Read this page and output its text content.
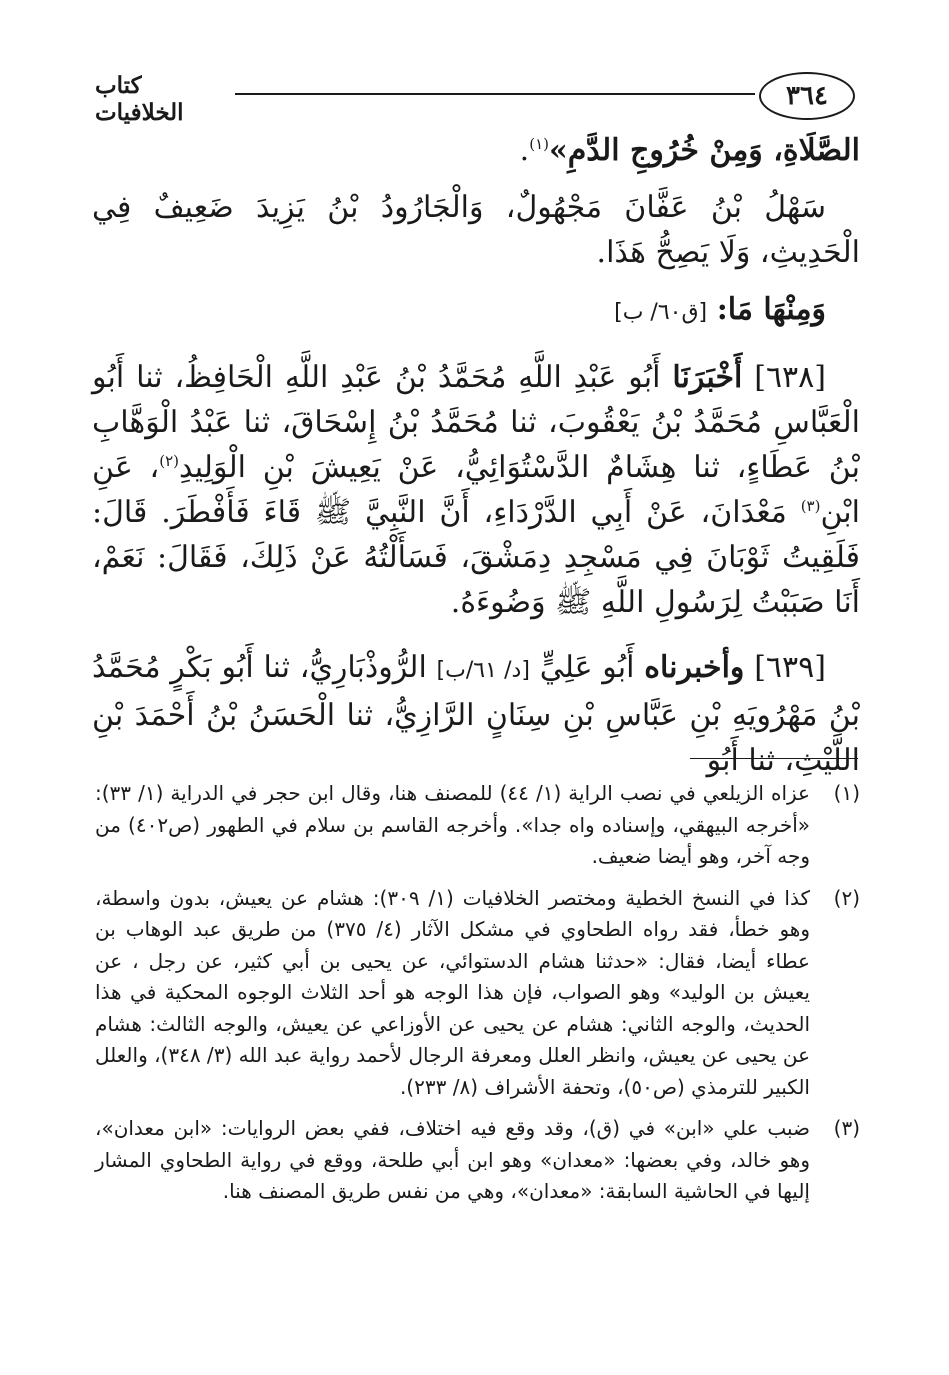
كتاب الخلافيات
٣٦٤

الصَّلَاةِ، وَمِنْ خُرُوجِ الدَّمِ»$^{(١)}$.

سَهْلُ بْنُ عَفَّانَ مَجْهُولٌ، وَالْجَارُودُ بْنُ يَزِيدَ ضَعِيفٌ فِي الْحَدِيثِ، وَلَا يَصِحُّ هَذَا.

وَمِنْهَا مَا: [ق٦٠/ ب]

[٦٣٨] أَخْبَرَنَا أَبُو عَبْدِ اللَّهِ مُحَمَّدُ بْنُ عَبْدِ اللَّهِ الْحَافِظُ، ثنا أَبُو الْعَبَّاسِ مُحَمَّدُ بْنُ يَعْقُوبَ، ثنا مُحَمَّدُ بْنُ إِسْحَاقَ، ثنا عَبْدُ الْوَهَّابِ بْنُ عَطَاءٍ، ثنا هِشَامٌ الدَّسْتُوَائِيُّ، عَنْ يَعِيشَ بْنِ الْوَلِيدِ$^{(٢)}$، عَنِ ابْنِ$^{(٣)}$ مَعْدَانَ، عَنْ أَبِي الدَّرْدَاءِ، أَنَّ النَّبِيَّ ﷺ قَاءَ فَأَفْطَرَ. قَالَ: فَلَقِيتُ ثَوْبَانَ فِي مَسْجِدِ دِمَشْقَ، فَسَأَلْتُهُ عَنْ ذَلِكَ، فَقَالَ: نَعَمْ، أَنَا صَبَبْتُ لِرَسُولِ اللَّهِ ﷺ وَضُوءَهُ.

[٦٣٩] وأخبرناه أَبُو عَلِيٍّ [د/ ٦١/ب] الرُّوذْبَارِيُّ، ثنا أَبُو بَكْرٍ مُحَمَّدُ بْنُ مَهْرُويَهِ بْنِ عَبَّاسِ بْنِ سِنَانٍ الرَّازِيُّ، ثنا الْحَسَنُ بْنُ أَحْمَدَ بْنِ اللَّيْثِ، ثنا أَبُو

(١)
عزاه الزيلعي في نصب الراية (١/ ٤٤) للمصنف هنا، وقال ابن حجر في الدراية (١/ ٣٣): «أخرجه البيهقي، وإسناده واه جدا». وأخرجه القاسم بن سلام في الطهور (ص٤٠٢) من وجه آخر، وهو أيضا ضعيف.
(٢)
كذا في النسخ الخطية ومختصر الخلافيات (١/ ٣٠٩): هشام عن يعيش، بدون واسطة، وهو خطأ، فقد رواه الطحاوي في مشكل الآثار (٤/ ٣٧٥) من طريق عبد الوهاب بن عطاء أيضا، فقال: «حدثنا هشام الدستوائي، عن يحيى بن أبي كثير، عن رجل ، عن يعيش بن الوليد» وهو الصواب، فإن هذا الوجه هو أحد الثلاث الوجوه المحكية في هذا الحديث، والوجه الثاني: هشام عن يحيى عن الأوزاعي عن يعيش، والوجه الثالث: هشام عن يحيى عن يعيش، وانظر العلل ومعرفة الرجال لأحمد رواية عبد الله (٣/ ٣٤٨)، والعلل الكبير للترمذي (ص٥٠)، وتحفة الأشراف (٨/ ٢٣٣).
(٣)
ضبب علي «ابن» في (ق)، وقد وقع فيه اختلاف، ففي بعض الروايات: «ابن معدان»، وهو خالد، وفي بعضها: «معدان» وهو ابن أبي طلحة، ووقع في رواية الطحاوي المشار إليها في الحاشية السابقة: «معدان»، وهي من نفس طريق المصنف هنا.
